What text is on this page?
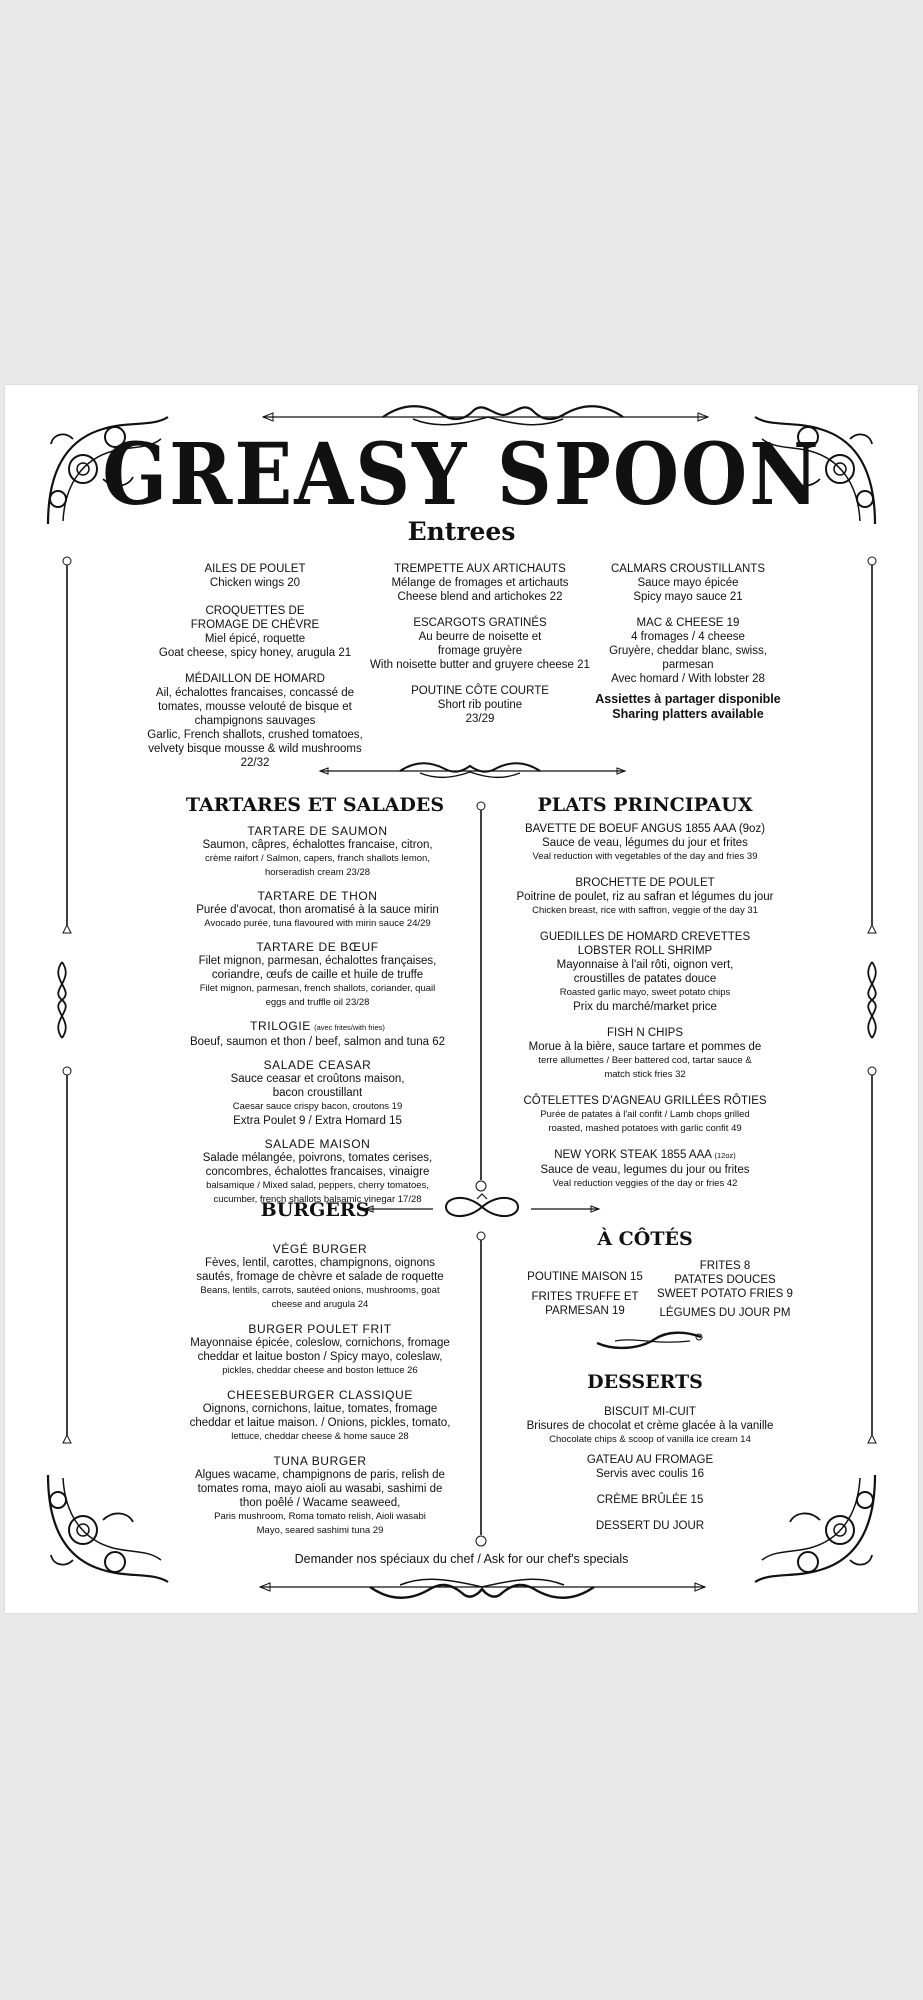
GREASY SPOON
Entrees
AILES DE POULET
Chicken wings 20
CROQUETTES DE
FROMAGE DE CHÈVRE
Miel épicé, roquette
Goat cheese, spicy honey, arugula 21
MÉDAILLON DE HOMARD
Ail, échalottes francaises, concassé de
tomates, mousse velouté de bisque et
champignons sauvages
Garlic, French shallots, crushed tomatoes,
velvety bisque mousse & wild mushrooms
22/32
TREMPETTE AUX ARTICHAUTS
Mélange de fromages et artichauts
Cheese blend and artichokes 22
ESCARGOTS GRATINÉS
Au beurre de noisette et
fromage gruyère
With noisette butter and gruyere cheese 21
POUTINE CÔTE COURTE
Short rib poutine
23/29
CALMARS CROUSTILLANTS
Sauce mayo épicée
Spicy mayo sauce 21
MAC & CHEESE 19
4 fromages / 4 cheese
Gruyère, cheddar blanc, swiss,
parmesan
Avec homard / With lobster 28
Assiettes à partager disponible
Sharing platters available
TARTARES ET SALADES
TARTARE DE SAUMON
Saumon, câpres, échalottes francaise, citron,
crème raifort / Salmon, capers, franch shallots lemon,
horseradish cream 23/28
TARTARE DE THON
Purée d'avocat, thon aromatisé à la sauce mirin
Avocado purée, tuna flavoured with mirin sauce 24/29
TARTARE DE BŒUF
Filet mignon, parmesan, échalottes françaises,
coriandre, œufs de caille et huile de truffe
Filet mignon, parmesan, french shallots, coriander, quail
eggs and truffle oil 23/28
TRILOGIE (avec frites/with fries)
Boeuf, saumon et thon / beef, salmon and tuna 62
SALADE CEASAR
Sauce ceasar et croûtons maison,
bacon croustillant
Caesar sauce crispy bacon, croutons 19
Extra Poulet 9 / Extra Homard 15
SALADE MAISON
Salade mélangée, poivrons, tomates cerises,
concombres, échalottes francaises, vinaigre
balsamique / Mixed salad, peppers, cherry tomatoes,
cucumber, french shallots balsamic vinegar 17/28
PLATS PRINCIPAUX
BAVETTE DE BOEUF ANGUS 1855 AAA (9oz)
Sauce de veau, légumes du jour et frites
Veal reduction with vegetables of the day and fries 39
BROCHETTE DE POULET
Poitrine de poulet, riz au safran et légumes du jour
Chicken breast, rice with saffron, veggie of the day 31
GUEDILLES DE HOMARD CREVETTES
LOBSTER ROLL SHRIMP
Mayonnaise à l'ail rôti, oignon vert,
croustilles de patates douce
Roasted garlic mayo, sweet potato chips
Prix du marché/market price
FISH N CHIPS
Morue à la bière, sauce tartare et pommes de
terre allumettes / Beer battered cod, tartar sauce &
match stick fries 32
CÔTELETTES D'AGNEAU GRILLÉES RÔTIES
Purée de patates à l'ail confit / Lamb chops grilled
roasted, mashed potatoes with garlic confit 49
NEW YORK STEAK 1855 AAA (12oz)
Sauce de veau, legumes du jour ou frites
Veal reduction veggies of the day or fries 42
BURGERS
VÉGÉ BURGER
Fèves, lentil, carottes, champignons, oignons
sautés, fromage de chèvre et salade de roquette
Beans, lentils, carrots, sautéed onions, mushrooms, goat
cheese and arugula 24
BURGER POULET FRIT
Mayonnaise épicée, coleslow, cornichons, fromage
cheddar et laitue boston / Spicy mayo, coleslaw,
pickles, cheddar cheese and boston lettuce 26
CHEESEBURGER CLASSIQUE
Oignons, cornichons, laitue, tomates, fromage
cheddar et laitue maison. / Onions, pickles, tomato,
lettuce, cheddar cheese & home sauce 28
TUNA BURGER
Algues wacame, champignons de paris, relish de
tomates roma, mayo aioli au wasabi, sashimi de
thon poêlé / Wacame seaweed,
Paris mushroom, Roma tomato relish, Aioli wasabi
Mayo, seared sashimi tuna 29
À CÔTÉS
POUTINE MAISON 15
FRITES TRUFFE ET
PARMESAN 19
FRITES 8
PATATES DOUCES
SWEET POTATO FRIES 9
LÉGUMES DU JOUR PM
DESSERTS
BISCUIT MI-CUIT
Brisures de chocolat et crème glacée à la vanille
Chocolate chips & scoop of vanilla ice cream 14
GATEAU AU FROMAGE
Servis avec coulis 16
CRÈME BRÛLÉE 15
DESSERT DU JOUR
Demander nos spéciaux du chef / Ask for our chef's specials
